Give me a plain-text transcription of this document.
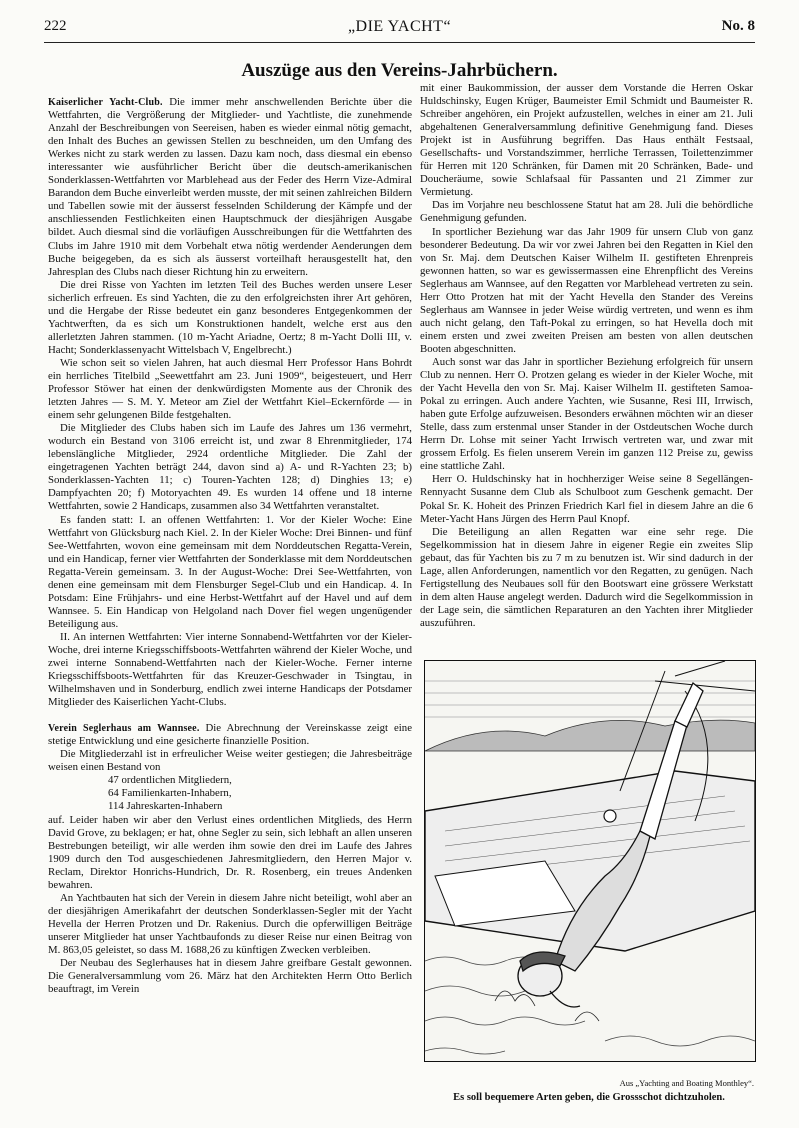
222	„DIE YACHT“	No. 8
Auszüge aus den Vereins-Jahrbüchern.

Kaiserlicher Yacht-Club. Die immer mehr anschwellenden Berichte über die Wettfahrten, die Vergrößerung der Mitglieder- und Yachtliste, die zunehmende Anzahl der Beschreibungen von Seereisen, haben es wieder einmal nötig gemacht, den Inhalt des Buches an gewissen Stellen zu beschneiden, um den Umfang des Werkes nicht zu stark werden zu lassen. Dazu kam noch, dass diesmal ein ebenso interessanter wie ausführlicher Bericht über die deutsch-amerikanischen Sonderklassen-Wettfahrten vor Marblehead aus der Feder des Herrn Vize-Admiral Barandon dem Buche einverleibt werden musste, der mit seinen zahlreichen Bildern und Tabellen sowie mit der äusserst fesselnden Schilderung der Kämpfe und der anschliessenden Festlichkeiten einen Hauptschmuck der diesjährigen Ausgabe bildet. Auch diesmal sind die vorläufigen Ausschreibungen für die Wettfahrten des Clubs im Jahre 1910 mit dem Vorbehalt etwa nötig werdender Aenderungen dem Buche beigegeben, da es sich als äusserst vorteilhaft herausgestellt hat, den Jahresplan des Clubs nach dieser Richtung hin zu erweitern.

Die drei Risse von Yachten im letzten Teil des Buches werden unsere Leser sicherlich erfreuen. Es sind Yachten, die zu den erfolgreichsten ihrer Art gehören, und die Hergabe der Risse bedeutet ein ganz besonderes Entgegenkommen der Yachtwerften, da es sich um Konstruktionen handelt, welche erst aus den allerletzten Jahren stammen. (10 m-Yacht Ariadne, Oertz; 8 m-Yacht Dolli III, v. Hacht; Sonderklassenyacht Wittelsbach V, Engelbrecht.)

Wie schon seit so vielen Jahren, hat auch diesmal Herr Professor Hans Bohrdt ein herrliches Titelbild „Seewettfahrt am 23. Juni 1909“, beigesteuert, und Herr Professor Stöwer hat einen der denkwürdigsten Momente aus der Chronik des letzten Jahres — S. M. Y. Meteor am Ziel der Wettfahrt Kiel–Eckernförde — in einem sehr gelungenen Bilde festgehalten.

Die Mitglieder des Clubs haben sich im Laufe des Jahres um 136 vermehrt, wodurch ein Bestand von 3106 erreicht ist, und zwar 8 Ehrenmitglieder, 174 lebenslängliche Mitglieder, 2924 ordentliche Mitglieder. Die Zahl der eingetragenen Yachten beträgt 244, davon sind a) A- und R-Yachten 23; b) Sonderklassen-Yachten 11; c) Touren-Yachten 128; d) Dinghies 13; e) Dampfyachten 20; f) Motoryachten 49. Es wurden 14 offene und 18 interne Wettfahrten, sowie 2 Handicaps, zusammen also 34 Wettfahrten veranstaltet.

Es fanden statt: I. an offenen Wettfahrten: 1. Vor der Kieler Woche: Eine Wettfahrt von Glücksburg nach Kiel. 2. In der Kieler Woche: Drei Binnen- und fünf See-Wettfahrten, wovon eine gemeinsam mit dem Norddeutschen Regatta-Verein, und ein Handicap, ferner vier Wettfahrten der Sonderklasse mit dem Norddeutschen Regatta-Verein gemeinsam. 3. In der August-Woche: Drei See-Wettfahrten, von denen eine gemeinsam mit dem Flensburger Segel-Club und ein Handicap. 4. In Potsdam: Eine Frühjahrs- und eine Herbst-Wettfahrt auf der Havel und auf dem Wannsee. 5. Ein Handicap von Helgoland nach Dover fiel wegen ungenügender Beteiligung aus.

II. An internen Wettfahrten: Vier interne Sonnabend-Wettfahrten vor der Kieler-Woche, drei interne Kriegsschiffsboots-Wettfahrten während der Kieler Woche, und zwei interne Sonnabend-Wettfahrten nach der Kieler-Woche. Ferner interne Kriegsschiffsboots-Wettfahrten für das Kreuzer-Geschwader in Tsingtau, in Wilhelmshaven und in Sonderburg, endlich zwei interne Handicaps der Potsdamer Mitglieder des Kaiserlichen Yacht-Clubs.

Verein Seglerhaus am Wannsee. Die Abrechnung der Vereinskasse zeigt eine stetige Entwicklung und eine gesicherte finanzielle Position.

Die Mitgliederzahl ist in erfreulicher Weise weiter gestiegen; die Jahresbeiträge weisen einen Bestand von

47 ordentlichen Mitgliedern,
64 Familienkarten-Inhabern,
114 Jahreskarten-Inhabern

auf. Leider haben wir aber den Verlust eines ordentlichen Mitglieds, des Herrn David Grove, zu beklagen; er hat, ohne Segler zu sein, sich lebhaft an allen unseren Bestrebungen beteiligt, wir alle werden ihm sowie den drei im Laufe des Jahres 1909 durch den Tod ausgeschiedenen Jahresmitgliedern, den Herren Major v. Reclam, Direktor Honrichs-Hundrich, Dr. R. Rosenberg, ein treues Andenken bewahren.

An Yachtbauten hat sich der Verein in diesem Jahre nicht beteiligt, wohl aber an der diesjährigen Amerikafahrt der deutschen Sonderklassen-Segler mit der Yacht Hevella der Herren Protzen und Dr. Rakenius. Durch die opferwilligen Beiträge unserer Mitglieder hat unser Yachtbaufonds zu dieser Reise nur einen Beitrag von M. 863,05 geleistet, so dass M. 1688,26 zu künftigen Zwecken verbleiben.

Der Neubau des Seglerhauses hat in diesem Jahre greifbare Gestalt gewonnen. Die Generalversammlung vom 26. März hat den Architekten Herrn Otto Berlich beauftragt, im Verein

mit einer Baukommission, der ausser dem Vorstande die Herren Oskar Huldschinsky, Eugen Krüger, Baumeister Emil Schmidt und Baumeister R. Schreiber angehören, ein Projekt aufzustellen, welches in einer am 21. Juli abgehaltenen Generalversammlung definitive Genehmigung fand. Dieses Projekt ist in Ausführung begriffen. Das Haus enthält Festsaal, Gesellschafts- und Vorstandszimmer, herrliche Terrassen, Toilettenzimmer für Herren mit 120 Schränken, für Damen mit 20 Schränken, Bade- und Doucheräume, sowie Schlafsaal für Passanten und 21 Zimmer zur Vermietung.

Das im Vorjahre neu beschlossene Statut hat am 28. Juli die behördliche Genehmigung gefunden.

In sportlicher Beziehung war das Jahr 1909 für unsern Club von ganz besonderer Bedeutung. Da wir vor zwei Jahren bei den Regatten in Kiel den von Sr. Maj. dem Deutschen Kaiser Wilhelm II. gestifteten Ehrenpreis gewonnen hatten, so war es gewissermassen eine Ehrenpflicht des Vereins Seglerhaus am Wannsee, auf den Regatten vor Marblehead vertreten zu sein. Herr Otto Protzen hat mit der Yacht Hevella den Stander des Vereins Seglerhaus am Wannsee in jeder Weise würdig vertreten, und wenn es ihm auch nicht gelang, den Taft-Pokal zu erringen, so hat Hevella doch mit einem ersten und zwei zweiten Preisen am besten von allen deutschen Booten abgeschnitten.

Auch sonst war das Jahr in sportlicher Beziehung erfolgreich für unsern Club zu nennen. Herr O. Protzen gelang es wieder in der Kieler Woche, mit der Yacht Hevella den von Sr. Maj. Kaiser Wilhelm II. gestifteten Samoa-Pokal zu erringen. Auch andere Yachten, wie Susanne, Resi III, Irrwisch, haben gute Erfolge aufzuweisen. Besonders erwähnen möchten wir an dieser Stelle, dass zum erstenmal unser Stander in der Ostdeutschen Woche durch Herrn Dr. Lohse mit seiner Yacht Irrwisch vertreten war, und zwar mit grossem Erfolg. Es fielen unserem Verein im ganzen 112 Preise zu, gewiss eine stattliche Zahl.

Herr O. Huldschinsky hat in hochherziger Weise seine 8 Segellängen-Rennyacht Susanne dem Club als Schulboot zum Geschenk gemacht. Der Pokal Sr. K. Hoheit des Prinzen Friedrich Karl fiel in diesem Jahre an die 6 Meter-Yacht Hans Jürgen des Herrn Paul Knopf.

Die Beteiligung an allen Regatten war eine sehr rege. Die Segelkommission hat in diesem Jahre in eigener Regie ein zweites Slip gebaut, das für Yachten bis zu 7 m zu benutzen ist. Wir sind dadurch in der Lage, allen Anforderungen, namentlich vor den Regatten, zu genügen. Nach Fertigstellung des Neubaues soll für den Bootswart eine grössere Werkstatt in dem alten Hause angelegt werden. Dadurch wird die Segelkommission in der Lage sein, die sämtlichen Reparaturen an den Yachten ihrer Mitglieder auszuführen.

Aus „Yachting and Boating Monthley“.
Es soll bequemere Arten geben, die Grossschot dichtzuholen.
